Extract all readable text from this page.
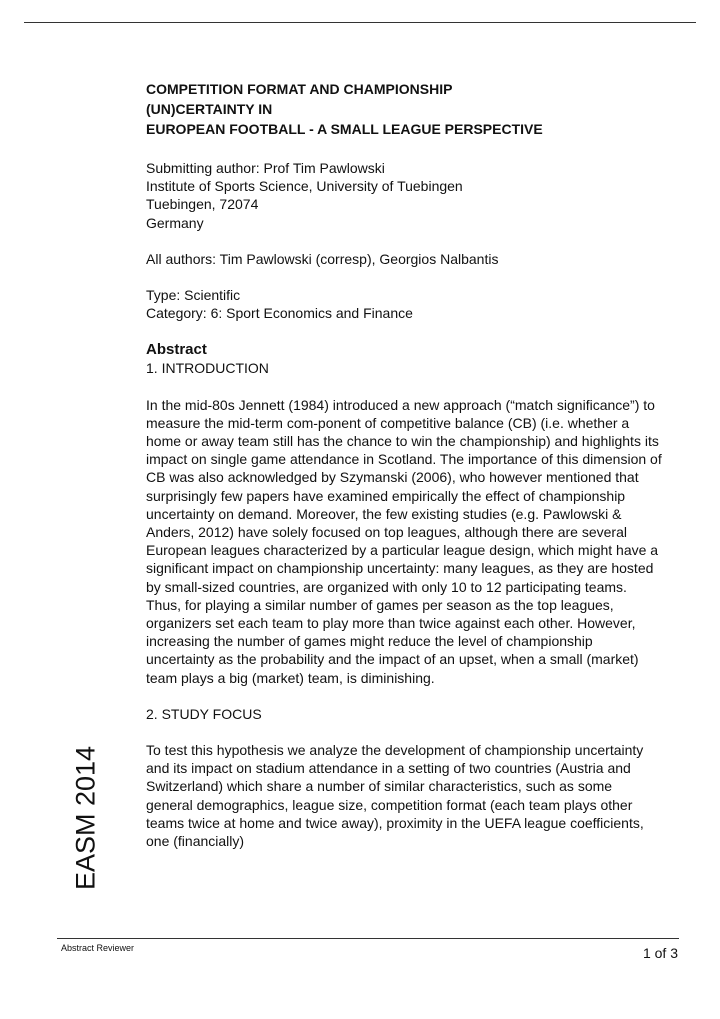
COMPETITION FORMAT AND CHAMPIONSHIP
(UN)CERTAINTY IN
EUROPEAN FOOTBALL - A SMALL LEAGUE PERSPECTIVE
Submitting author: Prof Tim Pawlowski
Institute of Sports Science, University of Tuebingen
Tuebingen, 72074
Germany
All authors: Tim Pawlowski (corresp), Georgios Nalbantis
Type: Scientific
Category: 6: Sport Economics and Finance
Abstract
1. INTRODUCTION
In the mid-80s Jennett (1984) introduced a new approach (“match significance”) to measure the mid-term com-ponent of competitive balance (CB) (i.e. whether a home or away team still has the chance to win the championship) and highlights its impact on single game attendance in Scotland. The importance of this dimension of CB was also acknowledged by Szymanski (2006), who however mentioned that surprisingly few papers have examined empirically the effect of championship uncertainty on demand. Moreover, the few existing studies (e.g. Pawlowski & Anders, 2012) have solely focused on top leagues, although there are several European leagues characterized by a particular league design, which might have a significant impact on championship uncertainty: many leagues, as they are hosted by small-sized countries, are organized with only 10 to 12 participating teams. Thus, for playing a similar number of games per season as the top leagues, organizers set each team to play more than twice against each other. However, increasing the number of games might reduce the level of championship uncertainty as the probability and the impact of an upset, when a small (market) team plays a big (market) team, is diminishing.
2. STUDY FOCUS
To test this hypothesis we analyze the development of championship uncertainty and its impact on stadium attendance in a setting of two countries (Austria and Switzerland) which share a number of similar characteristics, such as some general demographics, league size, competition format (each team plays other teams twice at home and twice away), proximity in the UEFA league coefficients, one (financially)
EASM 2014
Abstract Reviewer	1 of 3
